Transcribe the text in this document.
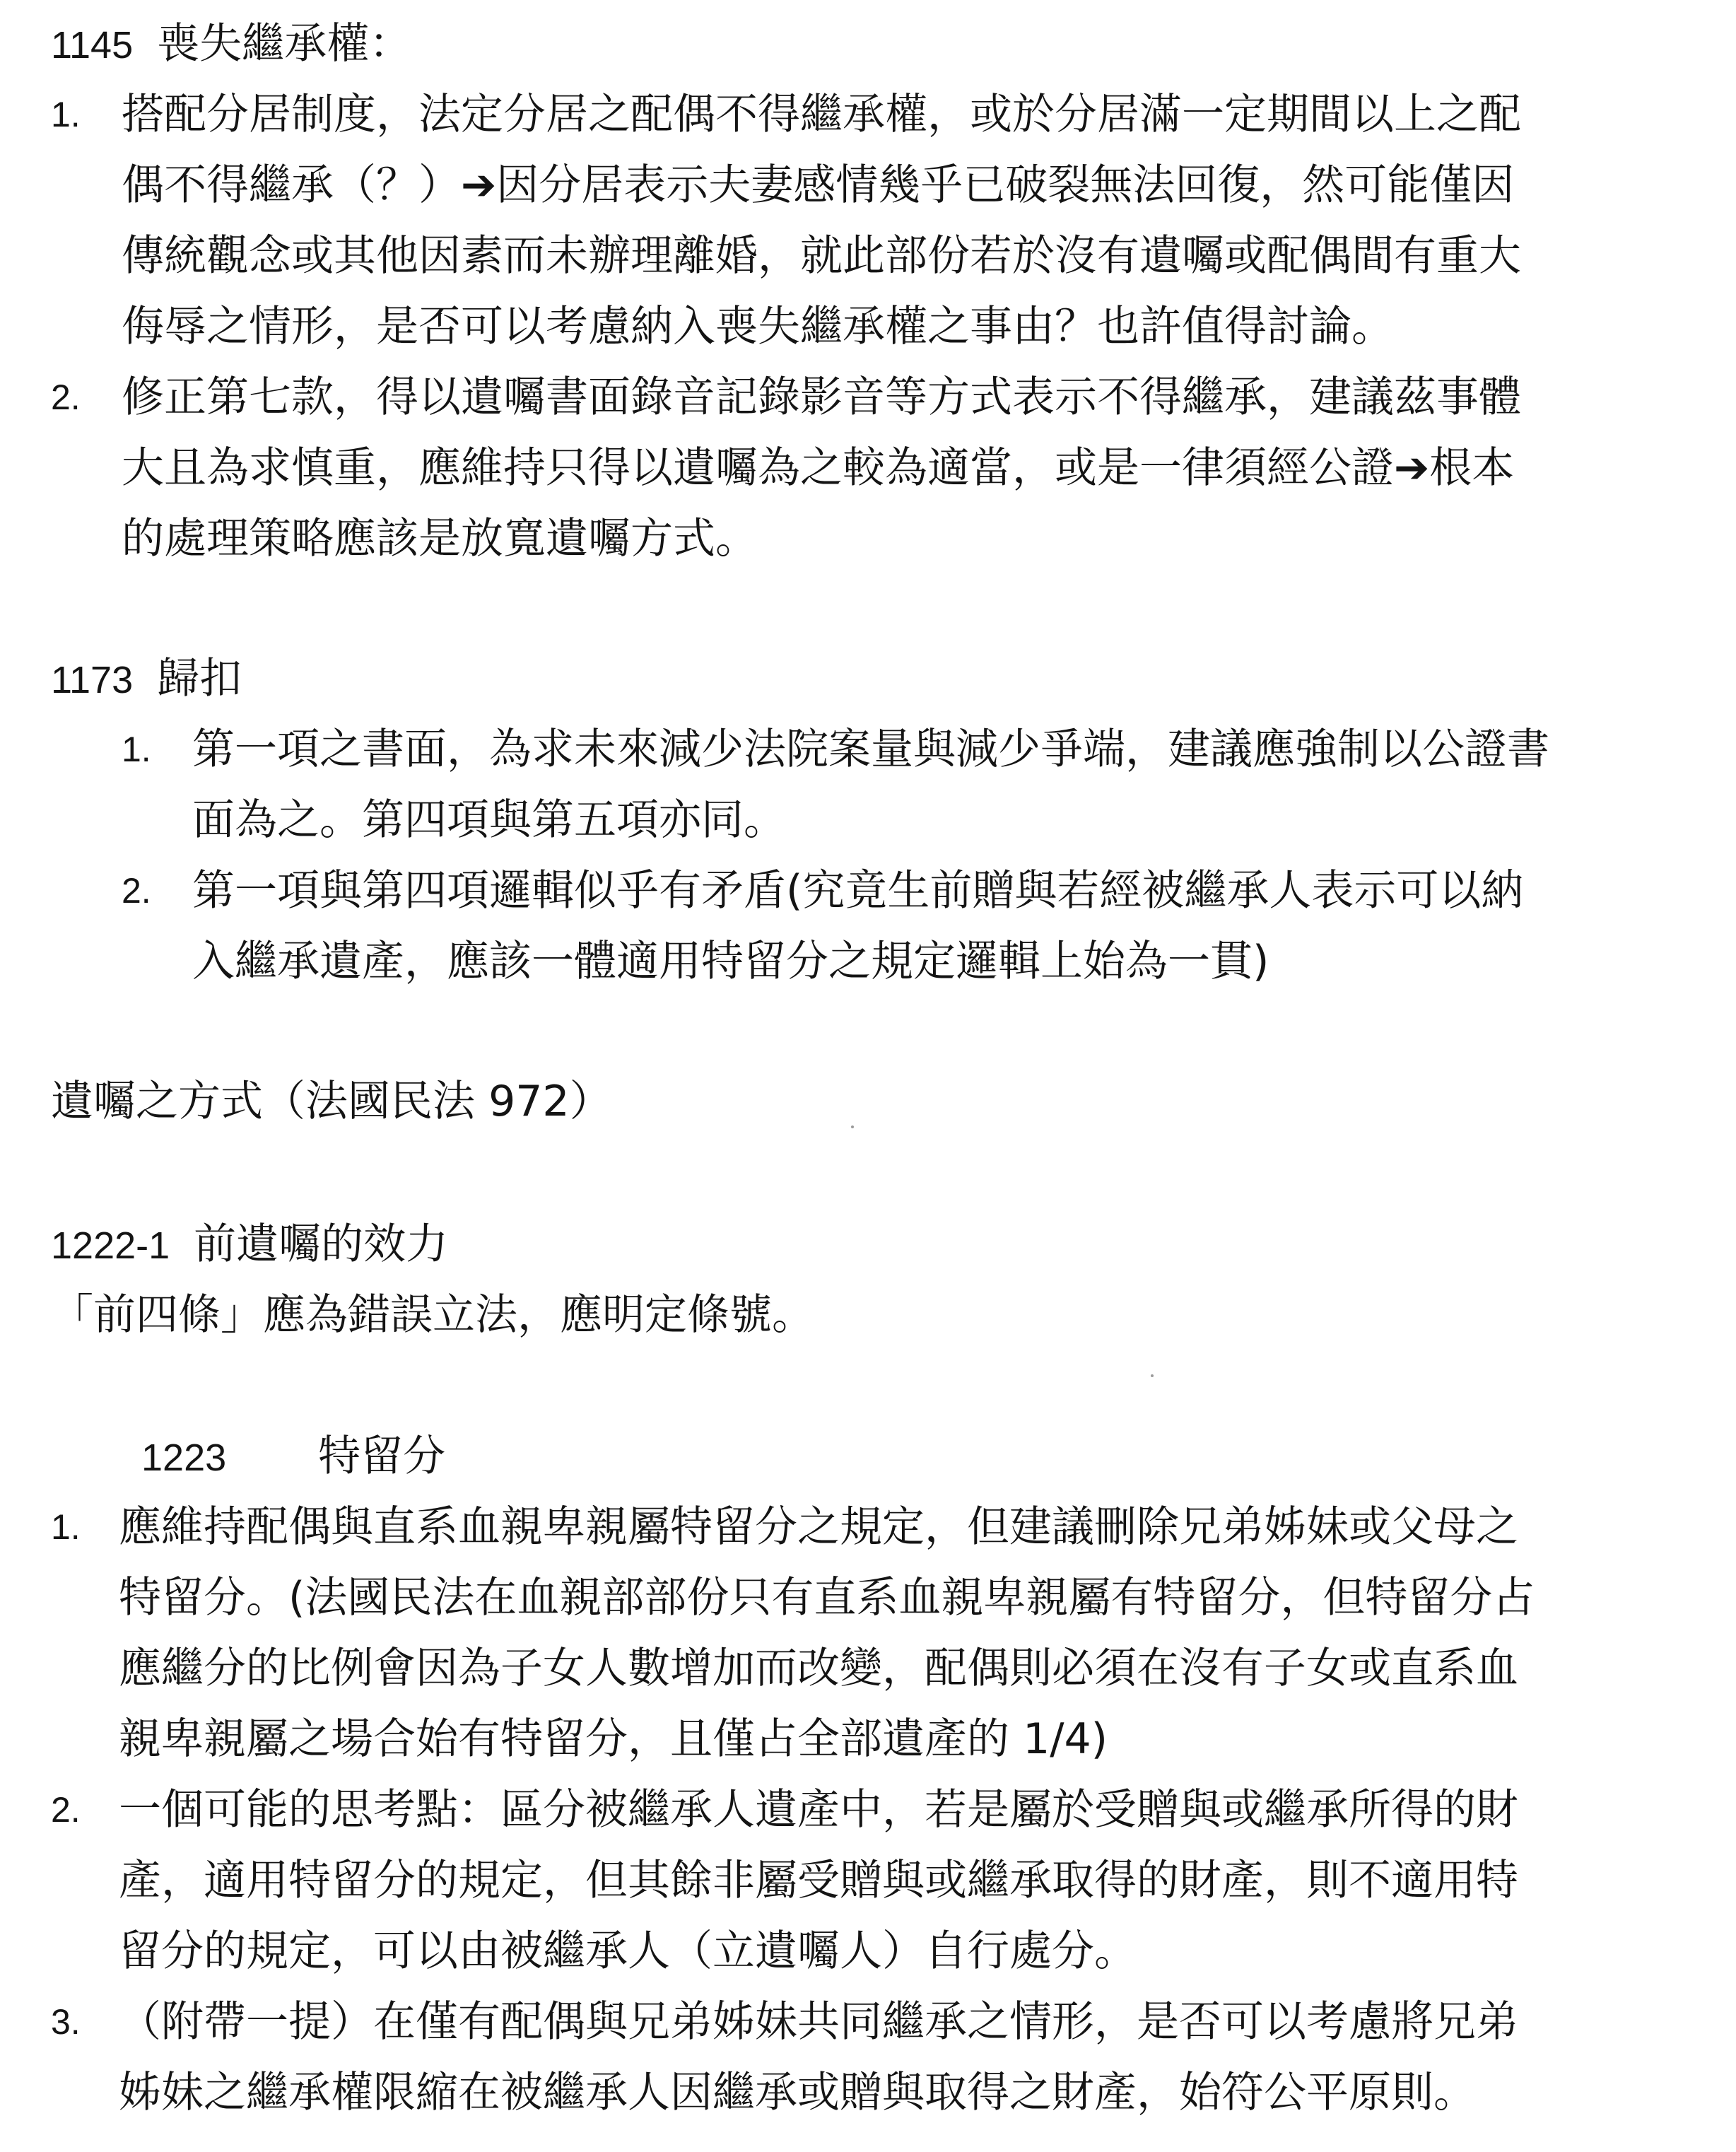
1145 喪失繼承權：
1. 搭配分居制度，法定分居之配偶不得繼承權，或於分居滿一定期間以上之配
偶不得繼承（？）➔因分居表示夫妻感情幾乎已破裂無法回復，然可能僅因
傳統觀念或其他因素而未辦理離婚，就此部份若於沒有遺囑或配偶間有重大
侮辱之情形，是否可以考慮納入喪失繼承權之事由？也許值得討論。
2. 修正第七款，得以遺囑書面錄音記錄影音等方式表示不得繼承，建議茲事體
大且為求慎重，應維持只得以遺囑為之較為適當，或是一律須經公證➔根本
的處理策略應該是放寬遺囑方式。
1173 歸扣
1. 第一項之書面，為求未來減少法院案量與減少爭端，建議應強制以公證書
面為之。第四項與第五項亦同。
2. 第一項與第四項邏輯似乎有矛盾(究竟生前贈與若經被繼承人表示可以納
入繼承遺產，應該一體適用特留分之規定邏輯上始為一貫)
遺囑之方式（法國民法 972）
1222-1 前遺囑的效力
「前四條」應為錯誤立法，應明定條號。
1223 特留分
1. 應維持配偶與直系血親卑親屬特留分之規定，但建議刪除兄弟姊妹或父母之
特留分。(法國民法在血親部部份只有直系血親卑親屬有特留分，但特留分占
應繼分的比例會因為子女人數增加而改變，配偶則必須在沒有子女或直系血
親卑親屬之場合始有特留分，且僅占全部遺產的 1/4)
2. 一個可能的思考點：區分被繼承人遺產中，若是屬於受贈與或繼承所得的財
產，適用特留分的規定，但其餘非屬受贈與或繼承取得的財產，則不適用特
留分的規定，可以由被繼承人（立遺囑人）自行處分。
3. （附帶一提）在僅有配偶與兄弟姊妹共同繼承之情形，是否可以考慮將兄弟
姊妹之繼承權限縮在被繼承人因繼承或贈與取得之財產，始符公平原則。
